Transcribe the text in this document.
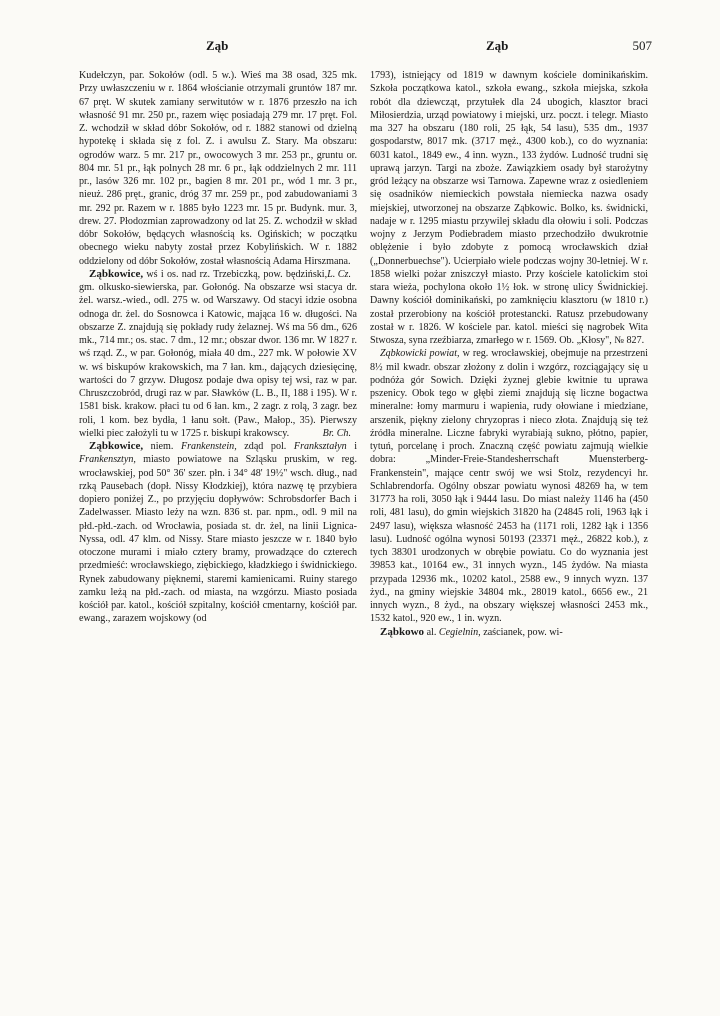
Ząb	Ząb	507

Kudełczyn, par. Sokołów (odl. 5 w.). Wieś ma 38 osad, 325 mk. Przy uwłaszczeniu w r. 1864 włościanie otrzymali gruntów 187 mr. 67 pręt. W skutek zamiany serwitutów w r. 1876 przeszło na ich własność 91 mr. 250 pr., razem więc posiadają 279 mr. 17 pręt. Fol. Z. wchodził w skład dóbr Sokołów, od r. 1882 stanowi od dzielną hypotekę i składa się z fol. Z. i awulsu Z. Stary. Ma obszaru: ogrodów warz. 5 mr. 217 pr., owocowych 3 mr. 253 pr., gruntu or. 804 mr. 51 pr., łąk polnych 28 mr. 6 pr., łąk oddzielnych 2 mr. 111 pr., lasów 326 mr. 102 pr., bagien 8 mr. 201 pr., wód 1 mr. 3 pr., nieuż. 286 pręt., granic, dróg 37 mr. 259 pr., pod zabudowaniami 3 mr. 292 pr. Razem w r. 1885 było 1223 mr. 15 pr. Budynk. mur. 3, drew. 27. Płodozmian zaprowadzony od lat 25. Z. wchodził w skład dóbr Sokołów, będących własnością ks. Ogińskich; w początku obecnego wieku nabyty został przez Kobylińskich. W r. 1882 oddzielony od dóbr Sokołów, został własnością Adama Hirszmana.
L. Cz.

Ząbkowice, wś i os. nad rz. Trzebiczką, pow. będziński, gm. olkusko-siewierska, par. Gołonóg. Na obszarze wsi stacya dr. żel. warsz.-wied., odl. 275 w. od Warszawy. Od stacyi idzie osobna odnoga dr. żel. do Sosnowca i Katowic, mająca 16 w. długości. Na obszarze Z. znajdują się pokłady rudy żelaznej. Wś ma 56 dm., 626 mk., 714 mr.; os. stac. 7 dm., 12 mr.; obszar dwor. 136 mr. W 1827 r. wś rząd. Z., w par. Gołonóg, miała 40 dm., 227 mk. W połowie XV w. wś biskupów krakowskich, ma 7 łan. km., dających dziesięcinę, wartości do 7 grzyw. Długosz podaje dwa opisy tej wsi, raz w par. Chruszczobród, drugi raz w par. Sławków (L. B., II, 188 i 195). W r. 1581 bisk. krakow. płaci tu od 6 łan. km., 2 zagr. z rolą, 3 zagr. bez roli, 1 kom. bez bydła, 1 łanu sołt. (Paw., Małop., 35). Pierwszy wielki piec założyli tu w 1725 r. biskupi krakowscy.	Br. Ch.

Ząbkowice, niem. Frankenstein, zdąd pol. Frankształyn i Frankensztyn, miasto powiatowe na Szląsku pruskim, w reg. wrocławskiej, pod 50° 36' szer. płn. i 34° 48' 19½" wsch. dług., nad rzką Pausebach (dopł. Nissy Kłodzkiej), która nazwę tę przybiera dopiero poniżej Z., po przyjęciu dopływów: Schrobsdorfer Bach i Zadelwasser. Miasto leży na wzn. 836 st. par. npm., odl. 9 mil na płd.-płd.-zach. od Wrocławia, posiada st. dr. żel, na linii Lignica-Nyssa, odl. 47 klm. od Nissy. Stare miasto jeszcze w r. 1840 było otoczone murami i miało cztery bramy, prowadzące do czterech przedmieść: wrocławskiego, ziębickiego, kładzkiego i świdnickiego. Rynek zabudowany pięknemi, staremi kamienicami. Ruiny starego zamku leżą na płd.-zach. od miasta, na wzgórzu. Miasto posiada kościół par. katol., kościół szpitalny, kościół cmentarny, kościół par. ewang., zarazem wojskowy (od

1793), istniejący od 1819 w dawnym kościele dominikańskim. Szkoła początkowa katol., szkoła ewang., szkoła miejska, szkoła robót dla dziewcząt, przytułek dla 24 ubogich, klasztor braci Miłosierdzia, urząd powiatowy i miejski, urz. poczt. i telegr. Miasto ma 327 ha obszaru (180 roli, 25 łąk, 54 lasu), 535 dm., 1937 gospodarstw, 8017 mk. (3717 męż., 4300 kob.), co do wyznania: 6031 katol., 1849 ew., 4 inn. wyzn., 133 żydów. Ludność trudni się uprawą jarzyn. Targi na zboże. Zawiązkiem osady był starożytny gród leżący na obszarze wsi Tarnowa. Zapewne wraz z osiedleniem się osadników niemieckich powstała niemiecka nazwa osady miejskiej, utworzonej na obszarze Ząbkowic. Bolko, ks. świdnicki, nadaje w r. 1295 miastu przywilej składu dla ołowiu i soli. Podczas wojny z Jerzym Podiebradem miasto przechodziło dwukrotnie oblężenie i było zdobyte z pomocą wrocławskich dział („Donnerbuechse"). Ucierpiało wiele podczas wojny 30-letniej. W r. 1858 wielki pożar zniszczył miasto. Przy kościele katolickim stoi stara wieża, pochylona około 1½ łok. w stronę ulicy Świdnickiej. Dawny kościół dominikański, po zamknięciu klasztoru (w 1810 r.) został przerobiony na kościół protestancki. Ratusz przebudowany został w r. 1826. W kościele par. katol. mieści się nagrobek Wita Stwosza, syna rzeźbiarza, zmarłego w r. 1569. Ob. „Kłosy", № 827.

Ząbkowicki powiat, w reg. wrocławskiej, obejmuje na przestrzeni 8½ mil kwadr. obszar złożony z dolin i wzgórz, rozciągający się u podnóża gór Sowich. Dzięki żyznej glebie kwitnie tu uprawa pszenicy. Obok tego w głębi ziemi znajdują się liczne bogactwa mineralne: łomy marmuru i wapienia, rudy ołowiane i miedziane, arszenik, piękny zielony chryzopras i nieco złota. Znajdują się też źródła mineralne. Liczne fabryki wyrabiają sukno, płótno, papier, tytuń, porcelanę i proch. Znaczną część powiatu zajmują wielkie dobra: „Minder-Freie-Standesherrschaft Muensterberg-Frankenstein", mające centr swój we wsi Stolz, rezydencyi hr. Schlabrendorfa. Ogólny obszar powiatu wynosi 48269 ha, w tem 31773 ha roli, 3050 łąk i 9444 lasu. Do miast należy 1146 ha (450 roli, 481 lasu), do gmin wiejskich 31820 ha (24845 roli, 1963 łąk i 2497 lasu), większa własność 2453 ha (1171 roli, 1282 łąk i 1356 lasu). Ludność ogólna wynosi 50193 (23371 męż., 26822 kob.), z tych 38301 urodzonych w obrębie powiatu. Co do wyznania jest 39853 kat., 10164 ew., 31 innych wyzn., 145 żydów. Na miasta przypada 12936 mk., 10202 katol., 2588 ew., 9 innych wyzn. 137 żyd., na gminy wiejskie 34804 mk., 28019 katol., 6656 ew., 21 innych wyzn., 8 żyd., na obszary większej własności 2453 mk., 1532 katol., 920 ew., 1 in. wyzn.

Ząbkowo al. Cegielnin, zaścianek, pow. wi-
